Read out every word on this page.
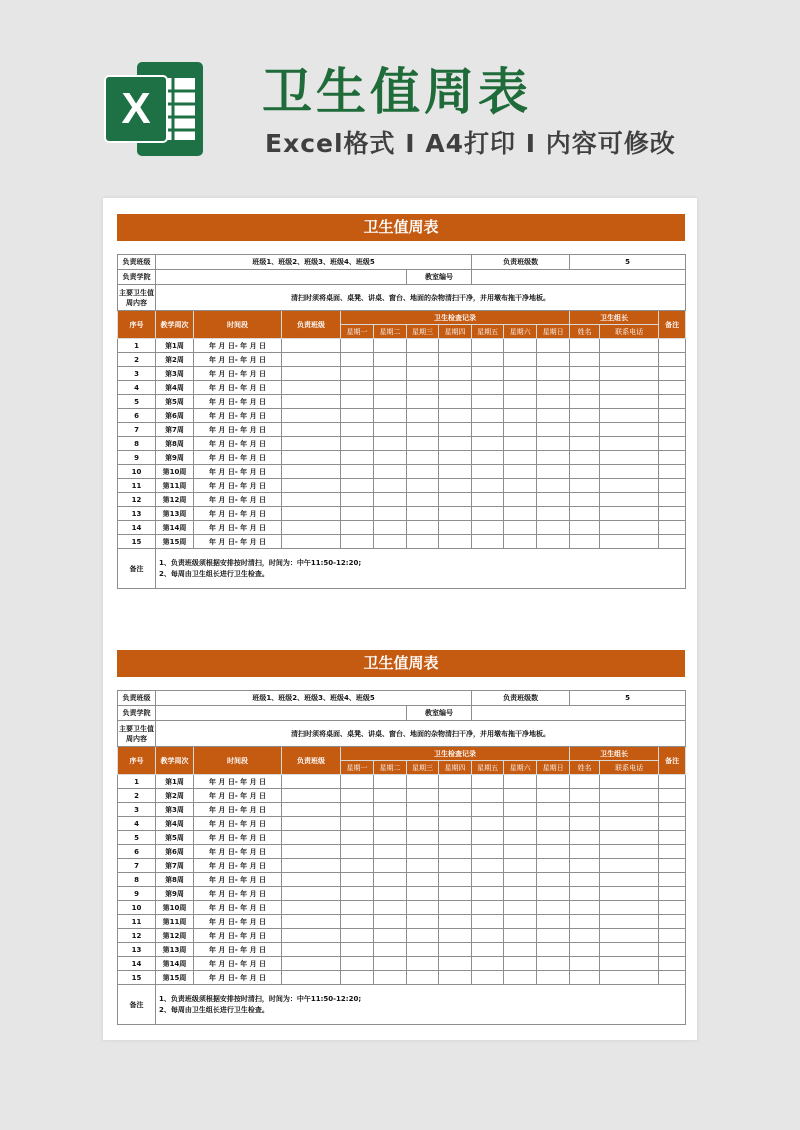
X 卫生值周表

Excel格式 I A4打印 I 内容可修改

卫生值周表
负责班级	班级1、班级2、班级3、班级4、班级5							负责班级数			5		
负责学院						教室编号							
主要卫生值周内容	清扫时须将桌面、桌凳、讲桌、窗台、地面的杂物清扫干净，并用墩布拖干净地板。												
序号	教学周次	时间段	负责班级	卫生检查记录							卫生组长		备注
				星期一	星期二	星期三	星期四	星期五	星期六	星期日	姓名	联系电话	
1	第1周	年 月 日- 年 月 日											
2	第2周	年 月 日- 年 月 日											
3	第3周	年 月 日- 年 月 日											
4	第4周	年 月 日- 年 月 日											
5	第5周	年 月 日- 年 月 日											
6	第6周	年 月 日- 年 月 日											
7	第7周	年 月 日- 年 月 日											
8	第8周	年 月 日- 年 月 日											
9	第9周	年 月 日- 年 月 日											
10	第10周	年 月 日- 年 月 日											
11	第11周	年 月 日- 年 月 日											
12	第12周	年 月 日- 年 月 日											
13	第13周	年 月 日- 年 月 日											
14	第14周	年 月 日- 年 月 日											
15	第15周	年 月 日- 年 月 日											
备注	1、负责班级须根据安排按时清扫，时间为：中午11:50-12:20;
2、每周由卫生组长进行卫生检查。												
卫生值周表
负责班级	班级1、班级2、班级3、班级4、班级5							负责班级数			5		
负责学院						教室编号							
主要卫生值周内容	清扫时须将桌面、桌凳、讲桌、窗台、地面的杂物清扫干净，并用墩布拖干净地板。												
序号	教学周次	时间段	负责班级	卫生检查记录							卫生组长		备注
				星期一	星期二	星期三	星期四	星期五	星期六	星期日	姓名	联系电话	
1	第1周	年 月 日- 年 月 日											
2	第2周	年 月 日- 年 月 日											
3	第3周	年 月 日- 年 月 日											
4	第4周	年 月 日- 年 月 日											
5	第5周	年 月 日- 年 月 日											
6	第6周	年 月 日- 年 月 日											
7	第7周	年 月 日- 年 月 日											
8	第8周	年 月 日- 年 月 日											
9	第9周	年 月 日- 年 月 日											
10	第10周	年 月 日- 年 月 日											
11	第11周	年 月 日- 年 月 日											
12	第12周	年 月 日- 年 月 日											
13	第13周	年 月 日- 年 月 日											
14	第14周	年 月 日- 年 月 日											
15	第15周	年 月 日- 年 月 日											
备注	1、负责班级须根据安排按时清扫，时间为：中午11:50-12:20;
2、每周由卫生组长进行卫生检查。												
